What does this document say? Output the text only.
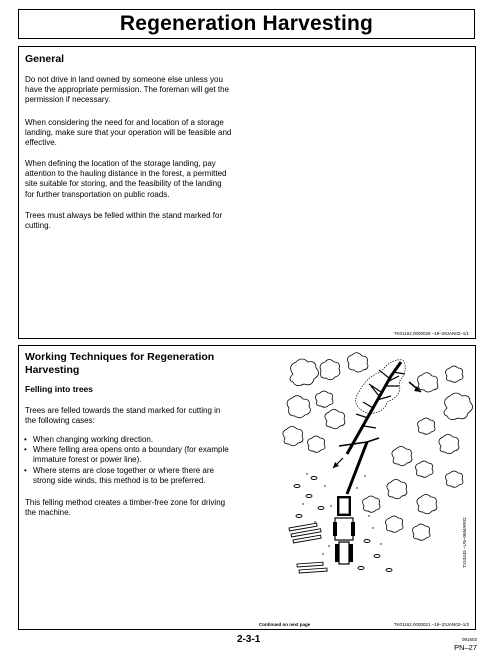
Regeneration Harvesting
General

Do not drive in land owned by someone else unless you
have the appropriate permission. The foreman will get the
permission if necessary.

When considering the need for and location of a storage
landing, make sure that your operation will be feasible and
effective.

When defining the location of the storage landing, pay
attention to the hauling distance in the forest, a permitted
site suitable for storing, and the feasibility of the landing
for further transportation on public roads.

Trees must always be felled within the stand marked for
cutting.

TK01162,0000026 –19–29JAN02–1/1
Working Techniques for Regeneration
Harvesting
Felling into trees

Trees are felled towards the stand marked for cutting in
the following cases:

• When changing working direction.
• Where felling area opens onto a boundary (for example
immature forest or power line).
• Where stems are close together or where there are
strong side winds, this method is to be preferred.

This felling method creates a timber-free zone for driving
the machine.

T153445 –UN–06MAR02
Continued on next page	TK01162,0000021 –19–23JAN02–1/3
2-3-1	091603
PN–27
